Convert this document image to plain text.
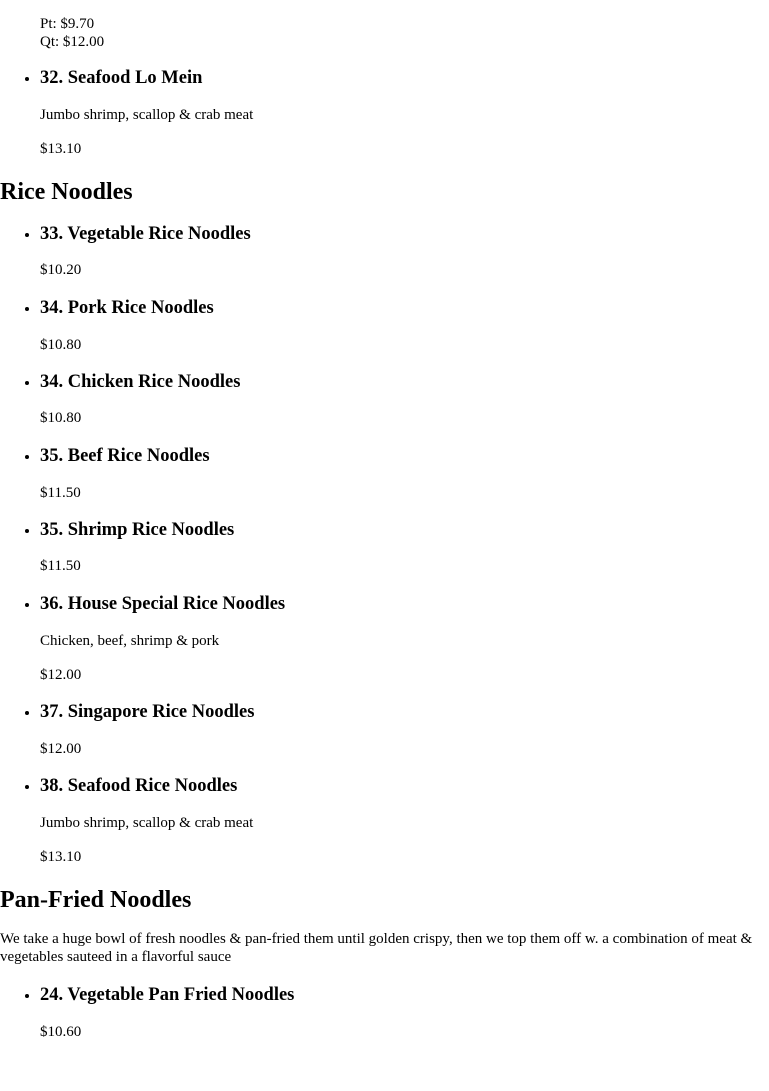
Pt: $9.70

Qt: $12.00

• 32. Seafood Lo Mein

Jumbo shrimp, scallop & crab meat

$13.10

Rice Noodles
• 33. Vegetable Rice Noodles

$10.20

• 34. Pork Rice Noodles

$10.80

• 34. Chicken Rice Noodles

$10.80

• 35. Beef Rice Noodles

$11.50

• 35. Shrimp Rice Noodles

$11.50

• 36. House Special Rice Noodles

Chicken, beef, shrimp & pork

$12.00

• 37. Singapore Rice Noodles

$12.00

• 38. Seafood Rice Noodles

Jumbo shrimp, scallop & crab meat

$13.10

Pan-Fried Noodles

We take a huge bowl of fresh noodles & pan-fried them until golden crispy, then we top them off w. a combination of meat & vegetables sauteed in a flavorful sauce

• 24. Vegetable Pan Fried Noodles

$10.60
